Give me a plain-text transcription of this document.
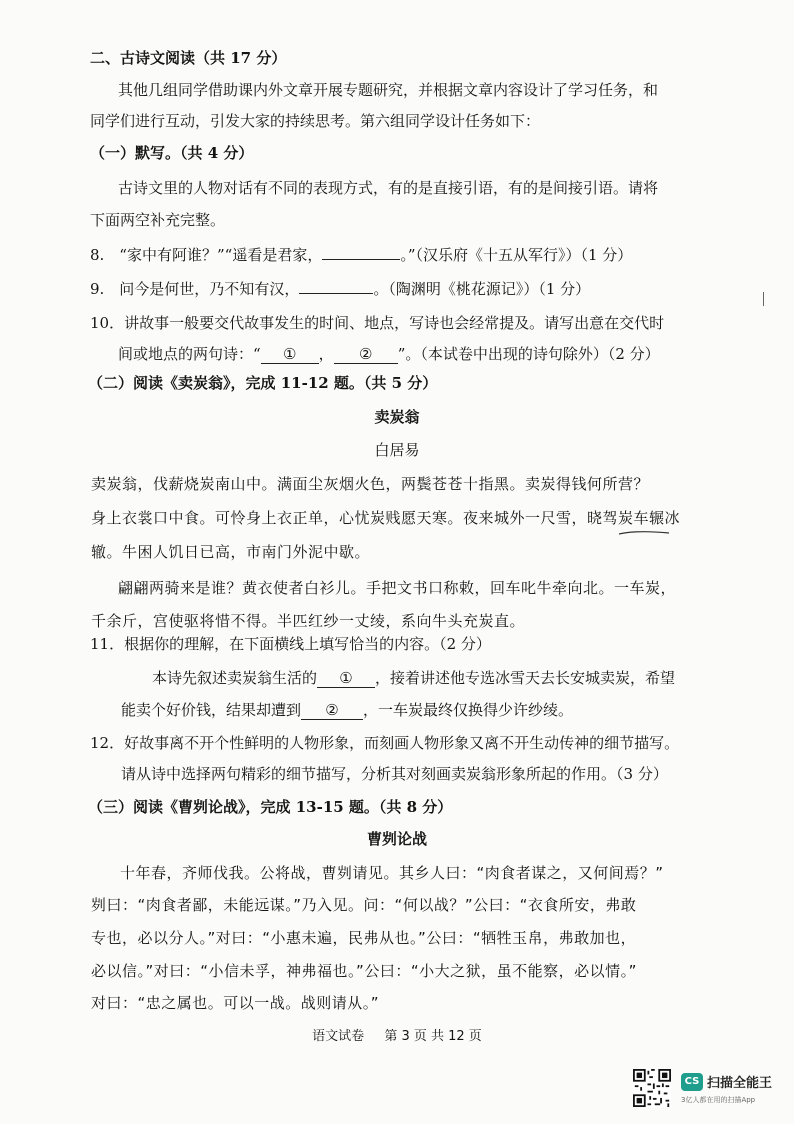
二、古诗文阅读（共 17 分）
其他几组同学借助课内外文章开展专题研究，并根据文章内容设计了学习任务，和
同学们进行互动，引发大家的持续思考。第六组同学设计任务如下：
（一）默写。（共 4 分）
古诗文里的人物对话有不同的表现方式，有的是直接引语，有的是间接引语。请将
下面两空补充完整。
8.　“家中有阿谁？”“遥看是君家，	。”（汉乐府《十五从军行》）（1 分）
9.　问今是何世，乃不知有汉，	。（陶渊明《桃花源记》）（1 分）
10．讲故事一般要交代故事发生的时间、地点，写诗也会经常提及。请写出意在交代时
间或地点的两句诗：“ ① ， ② ”。（本试卷中出现的诗句除外）（2 分）
（二）阅读《卖炭翁》，完成 11-12 题。（共 5 分）
卖炭翁
白居易
卖炭翁，伐薪烧炭南山中。满面尘灰烟火色，两鬓苍苍十指黑。卖炭得钱何所营？
身上衣裳口中食。可怜身上衣正单，心忧炭贱愿天寒。夜来城外一尺雪，晓驾炭车辗冰
辙。牛困人饥日已高，市南门外泥中歇。
翩翩两骑来是谁？黄衣使者白衫儿。手把文书口称敕，回车叱牛牵向北。一车炭，
千余斤，宫使驱将惜不得。半匹红纱一丈绫，系向牛头充炭直。
11．根据你的理解，在下面横线上填写恰当的内容。（2 分）
本诗先叙述卖炭翁生活的 ① ，接着讲述他专选冰雪天去长安城卖炭，希望
能卖个好价钱，结果却遭到 ② ，一车炭最终仅换得少许纱绫。
12．好故事离不开个性鲜明的人物形象，而刻画人物形象又离不开生动传神的细节描写。
请从诗中选择两句精彩的细节描写，分析其对刻画卖炭翁形象所起的作用。（3 分）
（三）阅读《曹刿论战》，完成 13-15 题。（共 8 分）
曹刿论战
十年春，齐师伐我。公将战，曹刿请见。其乡人曰：“肉食者谋之，又何间焉？”
刿曰：“肉食者鄙，未能远谋。”乃入见。问：“何以战？”公曰：“衣食所安，弗敢
专也，必以分人。”对曰：“小惠未遍，民弗从也。”公曰：“牺牲玉帛，弗敢加也，
必以信。”对曰：“小信未孚，神弗福也。”公曰：“小大之狱，虽不能察，必以情。”
对曰：“忠之属也。可以一战。战则请从。”
语文试卷 第 3 页 共 12 页
CS 扫描全能王
3亿人都在用的扫描App
